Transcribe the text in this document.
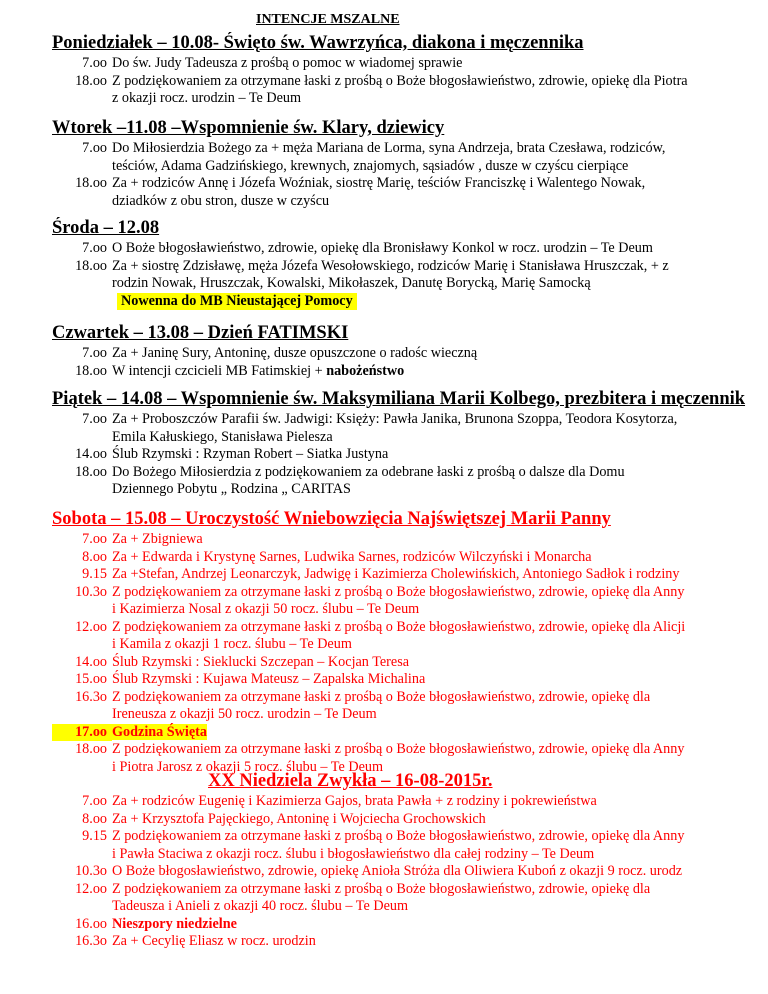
INTENCJE MSZALNE
Poniedziałek – 10.08- Święto św. Wawrzyńca, diakona i męczennika
7.oo Do św. Judy Tadeusza z prośbą o pomoc w wiadomej sprawie
18.oo Z podziękowaniem za otrzymane łaski z prośbą o Boże błogosławieństwo, zdrowie, opiekę dla Piotra
z okazji rocz. urodzin – Te Deum
Wtorek –11.08 –Wspomnienie św. Klary, dziewicy
7.oo Do Miłosierdzia Bożego za + męża Mariana de Lorma, syna Andrzeja, brata Czesława, rodziców,
teściów, Adama Gadzińskiego, krewnych, znajomych, sąsiadów , dusze w czyścu cierpiące
18.oo Za + rodziców Annę i Józefa Woźniak, siostrę Marię, teściów Franciszkę i Walentego Nowak,
dziadków z obu stron, dusze w czyścu
Środa – 12.08
7.oo O Boże błogosławieństwo, zdrowie, opiekę dla Bronisławy Konkol w rocz. urodzin – Te Deum
18.oo Za + siostrę Zdzisławę, męża Józefa Wesołowskiego, rodziców Marię i Stanisława Hruszczak, + z
rodzin Nowak, Hruszczak, Kowalski, Mikołaszek, Danutę Borycką, Marię Samocką
Nowenna do MB Nieustającej Pomocy
Czwartek – 13.08 – Dzień FATIMSKI
7.oo Za + Janinę Sury, Antoninę, dusze opuszczone o radośc wieczną
18.oo W intencji czcicieli MB Fatimskiej + nabożeństwo
Piątek – 14.08 – Wspomnienie św. Maksymiliana Marii Kolbego, prezbitera i męczennik
7.oo Za + Proboszczów Parafii św. Jadwigi: Księży: Pawła Janika, Brunona Szoppa, Teodora Kosytorza,
Emila Kałuskiego, Stanisława Pielesza
14.oo Ślub Rzymski : Rzyman Robert – Siatka Justyna
18.oo Do Bożego Miłosierdzia z podziękowaniem za odebrane łaski z prośbą o dalsze dla Domu
Dziennego Pobytu „ Rodzina „ CARITAS
Sobota – 15.08 – Uroczystość Wniebowzięcia Najświętszej Marii Panny
7.oo Za + Zbigniewa
8.oo Za + Edwarda i Krystynę Sarnes, Ludwika Sarnes, rodziców Wilczyński i Monarcha
9.15 Za +Stefan, Andrzej Leonarczyk, Jadwigę i Kazimierza Cholewińskich, Antoniego Sadłok i rodziny
10.3o Z podziękowaniem za otrzymane łaski z prośbą o Boże błogosławieństwo, zdrowie, opiekę dla Anny
i Kazimierza Nosal z okazji 50 rocz. ślubu – Te Deum
12.oo Z podziękowaniem za otrzymane łaski z prośbą o Boże błogosławieństwo, zdrowie, opiekę dla Alicji
i Kamila z okazji 1 rocz. ślubu – Te Deum
14.oo Ślub Rzymski : Sieklucki Szczepan – Kocjan Teresa
15.oo Ślub Rzymski : Kujawa Mateusz – Zapalska Michalina
16.3o Z podziękowaniem za otrzymane łaski z prośbą o Boże błogosławieństwo, zdrowie, opiekę dla
Ireneusza z okazji 50 rocz. urodzin – Te Deum
17.oo Godzina Święta
18.oo Z podziękowaniem za otrzymane łaski z prośbą o Boże błogosławieństwo, zdrowie, opiekę dla Anny
i Piotra Jarosz z okazji 5 rocz. ślubu – Te Deum
XX Niedziela Zwykła – 16-08-2015r.
7.oo Za + rodziców Eugenię i Kazimierza Gajos, brata Pawła + z rodziny i pokrewieństwa
8.oo Za + Krzysztofa Pajęckiego, Antoninę i Wojciecha Grochowskich
9.15 Z podziękowaniem za otrzymane łaski z prośbą o Boże błogosławieństwo, zdrowie, opiekę dla Anny
i Pawła Staciwa z okazji rocz. ślubu i błogosławieństwo dla całej rodziny – Te Deum
10.3o O Boże błogosławieństwo, zdrowie, opiekę Anioła Stróża dla Oliwiera Kuboń z okazji 9 rocz. urodz
12.oo Z podziękowaniem za otrzymane łaski z prośbą o Boże błogosławieństwo, zdrowie, opiekę dla
Tadeusza i Anieli z okazji 40 rocz. ślubu – Te Deum
16.oo Nieszpory niedzielne
16.3o Za + Cecylię Eliasz w rocz. urodzin
